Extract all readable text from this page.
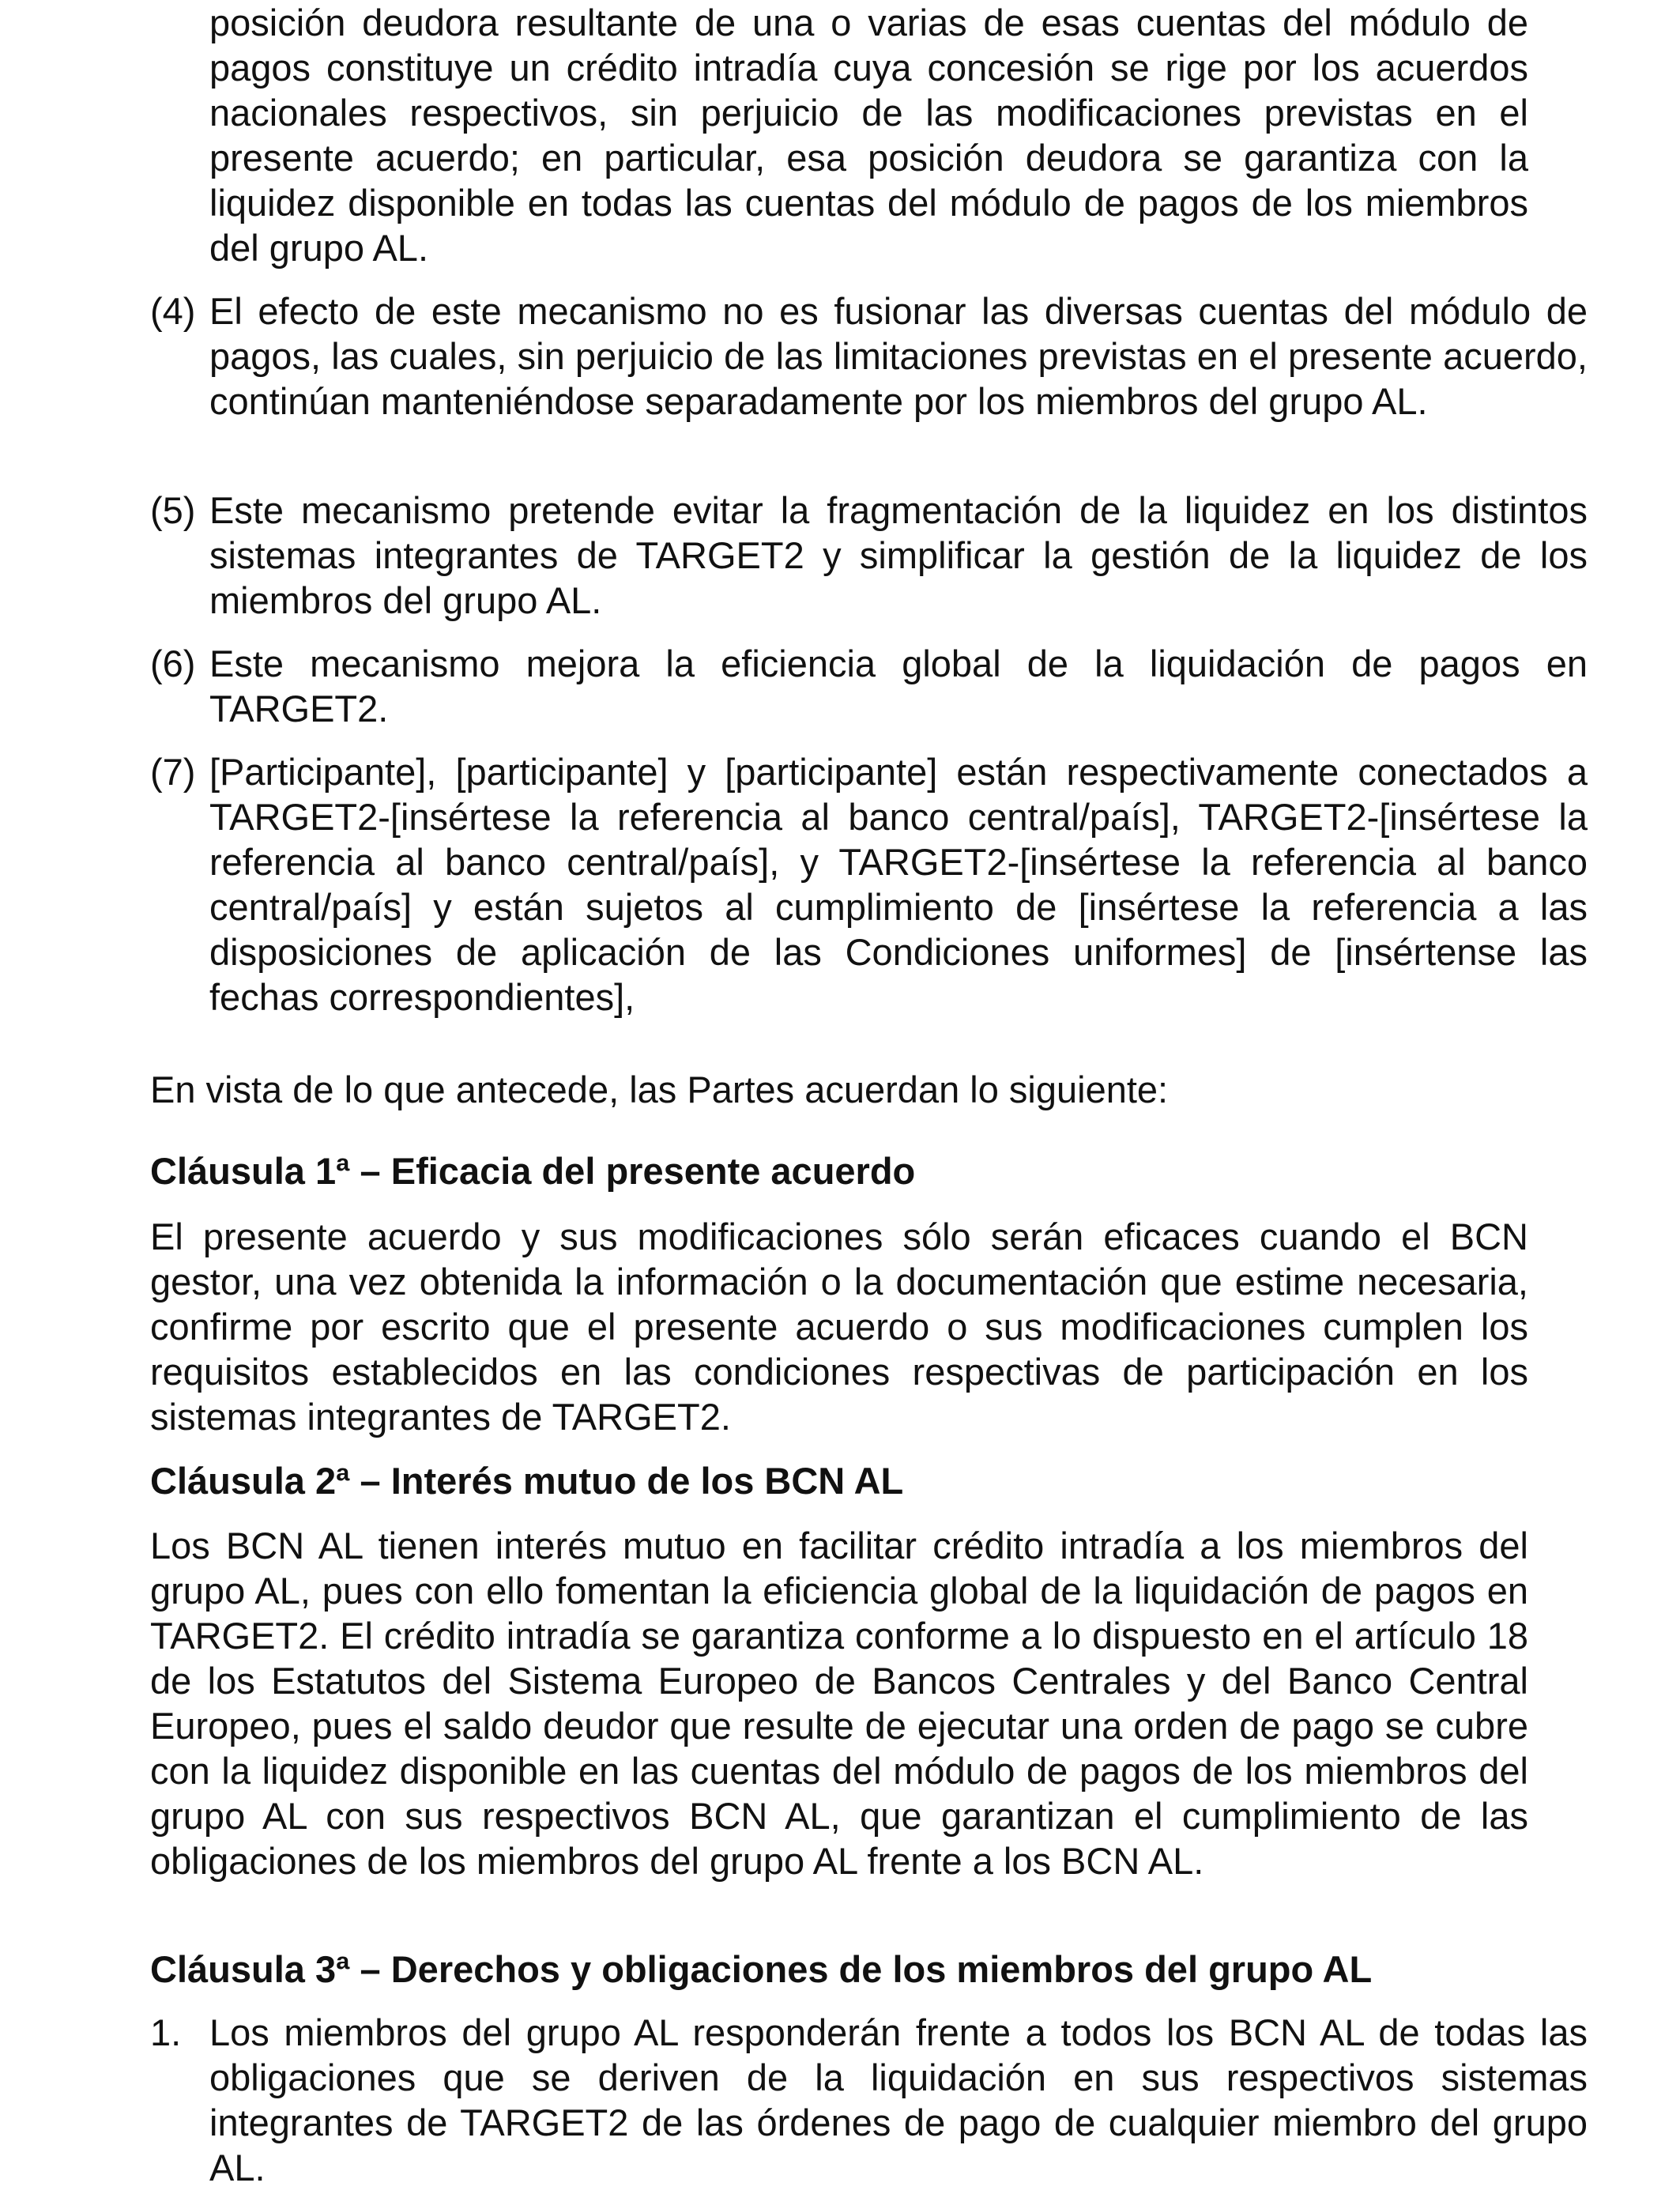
posición deudora resultante de una o varias de esas cuentas del módulo de pagos constituye un crédito intradía cuya concesión se rige por los acuerdos nacionales respectivos, sin perjuicio de las modificaciones previstas en el presente acuerdo; en particular, esa posición deudora se garantiza con la liquidez disponible en todas las cuentas del módulo de pagos de los miembros del grupo AL.

(4) El efecto de este mecanismo no es fusionar las diversas cuentas del módulo de pagos, las cuales, sin perjuicio de las limitaciones previstas en el presente acuerdo, continúan manteniéndose separadamente por los miembros del grupo AL.

(5) Este mecanismo pretende evitar la fragmentación de la liquidez en los distintos sistemas integrantes de TARGET2 y simplificar la gestión de la liquidez de los miembros del grupo AL.

(6) Este mecanismo mejora la eficiencia global de la liquidación de pagos en TARGET2.

(7) [Participante], [participante] y [participante] están respectivamente conectados a TARGET2-[insértese la referencia al banco central/país], TARGET2-[insértese la referencia al banco central/país], y TARGET2-[insértese la referencia al banco central/país] y están sujetos al cumplimiento de [insértese la referencia a las disposiciones de aplicación de las Condiciones uniformes] de [insértense las fechas correspondientes],

En vista de lo que antecede, las Partes acuerdan lo siguiente:

Cláusula 1ª – Eficacia del presente acuerdo

El presente acuerdo y sus modificaciones sólo serán eficaces cuando el BCN gestor, una vez obtenida la información o la documentación que estime necesaria, confirme por escrito que el presente acuerdo o sus modificaciones cumplen los requisitos establecidos en las condiciones respectivas de participación en los sistemas integrantes de TARGET2.

Cláusula 2ª – Interés mutuo de los BCN AL

Los BCN AL tienen interés mutuo en facilitar crédito intradía a los miembros del grupo AL, pues con ello fomentan la eficiencia global de la liquidación de pagos en TARGET2. El crédito intradía se garantiza conforme a lo dispuesto en el artículo 18 de los Estatutos del Sistema Europeo de Bancos Centrales y del Banco Central Europeo, pues el saldo deudor que resulte de ejecutar una orden de pago se cubre con la liquidez disponible en las cuentas del módulo de pagos de los miembros del grupo AL con sus respectivos BCN AL, que garantizan el cumplimiento de las obligaciones de los miembros del grupo AL frente a los BCN AL.

Cláusula 3ª – Derechos y obligaciones de los miembros del grupo AL

1. Los miembros del grupo AL responderán frente a todos los BCN AL de todas las obligaciones que se deriven de la liquidación en sus respectivos sistemas integrantes de TARGET2 de las órdenes de pago de cualquier miembro del grupo AL.
